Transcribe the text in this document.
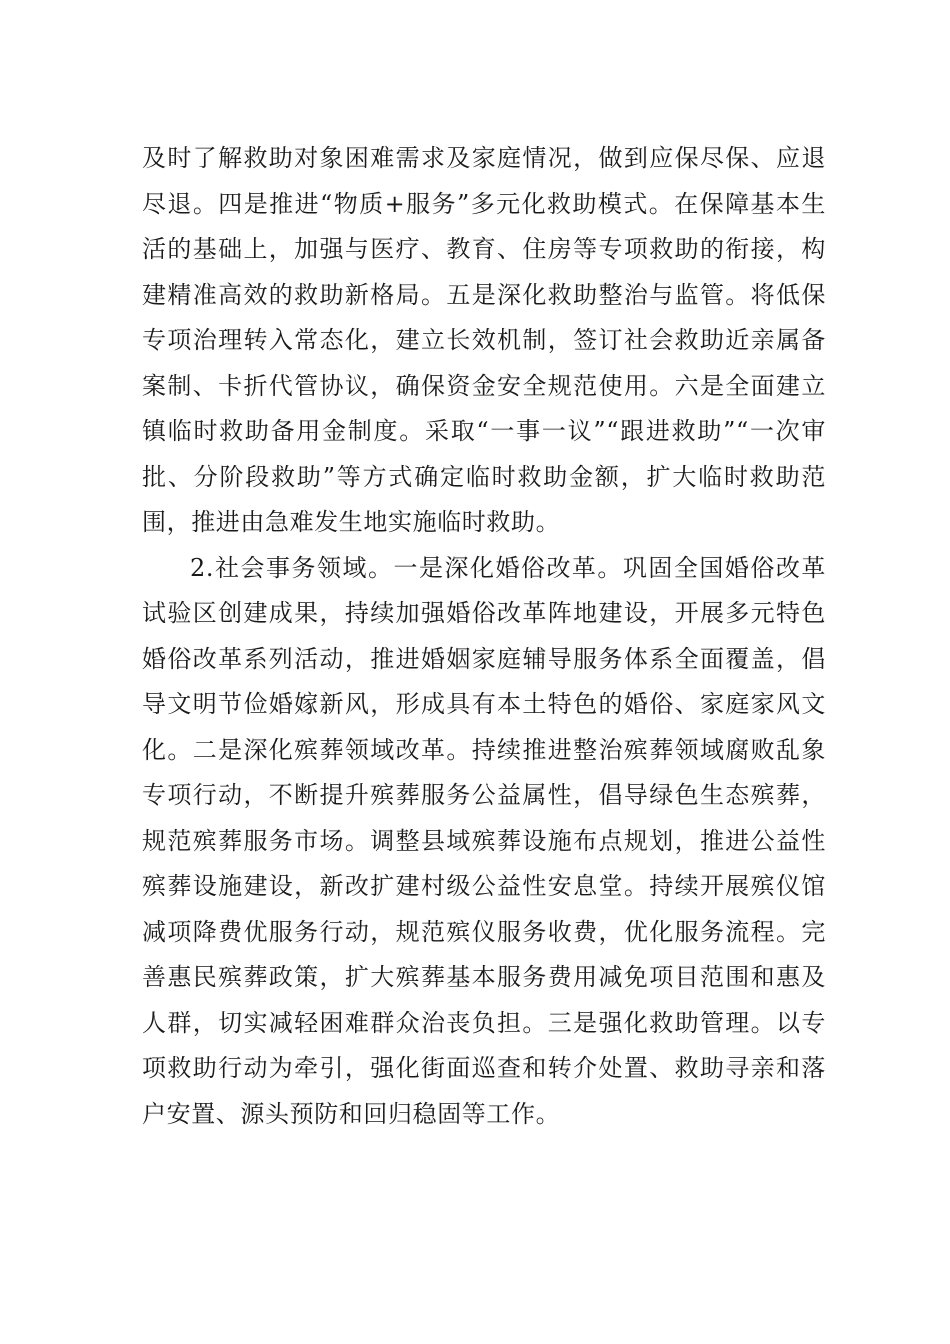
及时了解救助对象困难需求及家庭情况，做到应保尽保、应退尽退。四是推进“物质+服务”多元化救助模式。在保障基本生活的基础上，加强与医疗、教育、住房等专项救助的衔接，构建精准高效的救助新格局。五是深化救助整治与监管。将低保专项治理转入常态化，建立长效机制，签订社会救助近亲属备案制、卡折代管协议，确保资金安全规范使用。六是全面建立镇临时救助备用金制度。采取“一事一议”“跟进救助”“一次审批、分阶段救助”等方式确定临时救助金额，扩大临时救助范围，推进由急难发生地实施临时救助。

2.社会事务领域。一是深化婚俗改革。巩固全国婚俗改革试验区创建成果，持续加强婚俗改革阵地建设，开展多元特色婚俗改革系列活动，推进婚姻家庭辅导服务体系全面覆盖，倡导文明节俭婚嫁新风，形成具有本土特色的婚俗、家庭家风文化。二是深化殡葬领域改革。持续推进整治殡葬领域腐败乱象专项行动，不断提升殡葬服务公益属性，倡导绿色生态殡葬，规范殡葬服务市场。调整县域殡葬设施布点规划，推进公益性殡葬设施建设，新改扩建村级公益性安息堂。持续开展殡仪馆减项降费优服务行动，规范殡仪服务收费，优化服务流程。完善惠民殡葬政策，扩大殡葬基本服务费用减免项目范围和惠及人群，切实减轻困难群众治丧负担。三是强化救助管理。以专项救助行动为牵引，强化街面巡查和转介处置、救助寻亲和落户安置、源头预防和回归稳固等工作。
